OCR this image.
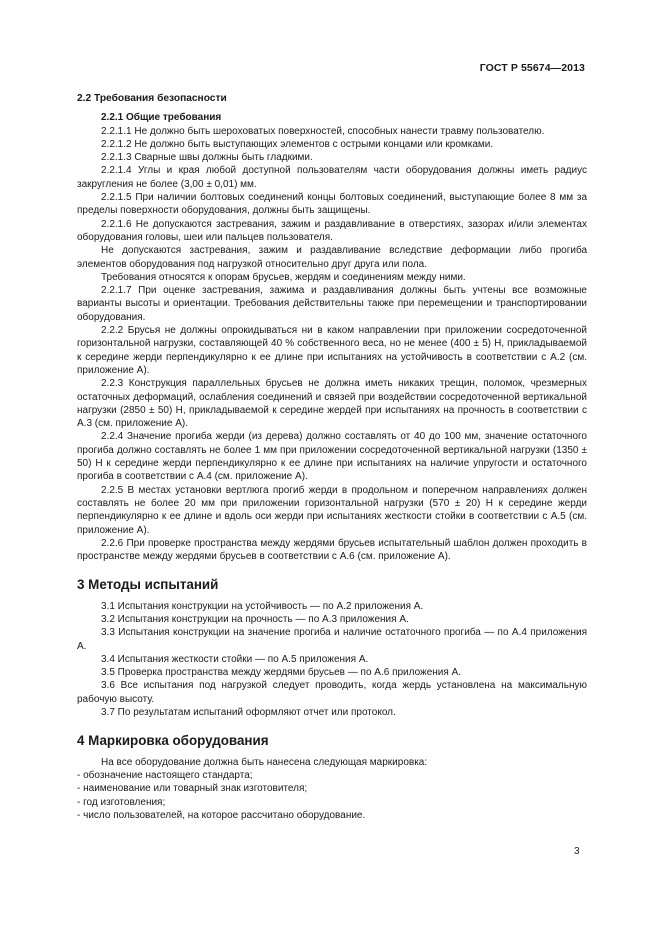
ГОСТ Р 55674—2013

2.2 Требования безопасности

2.2.1 Общие требования

2.2.1.1 Не должно быть шероховатых поверхностей, способных нанести травму пользователю.

2.2.1.2 Не должно быть выступающих элементов с острыми концами или кромками.

2.2.1.3 Сварные швы должны быть гладкими.

2.2.1.4 Углы и края любой доступной пользователям части оборудования должны иметь радиус закругления не более (3,00 ± 0,01) мм.

2.2.1.5 При наличии болтовых соединений концы болтовых соединений, выступающие более 8 мм за пределы поверхности оборудования, должны быть защищены.

2.2.1.6 Не допускаются застревания, зажим и раздавливание в отверстиях, зазорах и/или элементах оборудования головы, шеи или пальцев пользователя.

Не допускаются застревания, зажим и раздавливание вследствие деформации либо прогиба элементов оборудования под нагрузкой относительно друг друга или пола.

Требования относятся к опорам брусьев, жердям и соединениям между ними.

2.2.1.7 При оценке застревания, зажима и раздавливания должны быть учтены все возможные варианты высоты и ориентации. Требования действительны также при перемещении и транспортировании оборудования.

2.2.2 Брусья не должны опрокидываться ни в каком направлении при приложении сосредоточенной горизонтальной нагрузки, составляющей 40 % собственного веса, но не менее (400 ± 5) Н, прикладываемой к середине жерди перпендикулярно к ее длине при испытаниях на устойчивость в соответствии с А.2 (см. приложение А).

2.2.3 Конструкция параллельных брусьев не должна иметь никаких трещин, поломок, чрезмерных остаточных деформаций, ослабления соединений и связей при воздействии сосредоточенной вертикальной нагрузки (2850 ± 50) Н, прикладываемой к середине жердей при испытаниях на прочность в соответствии с А.3 (см. приложение А).

2.2.4 Значение прогиба жерди (из дерева) должно составлять от 40 до 100 мм, значение остаточного прогиба должно составлять не более 1 мм при приложении сосредоточенной вертикальной нагрузки (1350 ± 50) Н к середине жерди перпендикулярно к ее длине при испытаниях на наличие упругости и остаточного прогиба в соответствии с А.4 (см. приложение А).

2.2.5 В местах установки вертлюга прогиб жерди в продольном и поперечном направлениях должен составлять не более 20 мм при приложении горизонтальной нагрузки (570 ± 20) Н к середине жерди перпендикулярно к ее длине и вдоль оси жерди при испытаниях жесткости стойки в соответствии с А.5 (см. приложение А).

2.2.6 При проверке пространства между жердями брусьев испытательный шаблон должен проходить в пространстве между жердями брусьев в соответствии с А.6 (см. приложение А).

3 Методы испытаний

3.1 Испытания конструкции на устойчивость — по А.2 приложения А.

3.2 Испытания конструкции на прочность — по А.3 приложения А.

3.3 Испытания конструкции на значение прогиба и наличие остаточного прогиба — по А.4 приложения А.

3.4 Испытания жесткости стойки — по А.5 приложения А.

3.5 Проверка пространства между жердями брусьев — по А.6 приложения А.

3.6 Все испытания под нагрузкой следует проводить, когда жердь установлена на максимальную рабочую высоту.

3.7 По результатам испытаний оформляют отчет или протокол.

4 Маркировка оборудования

На все оборудование должна быть нанесена следующая маркировка:

- обозначение настоящего стандарта;

- наименование или товарный знак изготовителя;

- год изготовления;

- число пользователей, на которое рассчитано оборудование.

3
